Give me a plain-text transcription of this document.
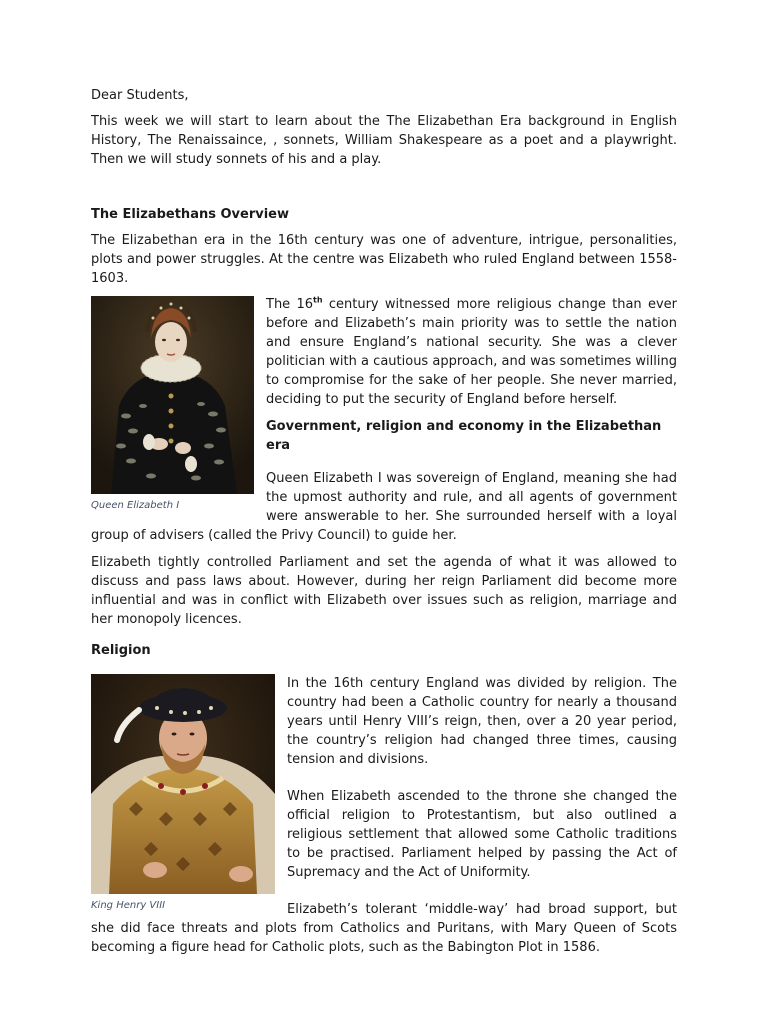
Dear Students,

This week we will start to learn about the The Elizabethan Era background in English History, The Renaissaince, , sonnets, William Shakespeare as a poet and a playwright. Then we will study sonnets of his and a play.

The Elizabethans Overview

The Elizabethan era in the 16th century was one of adventure, intrigue, personalities, plots and power struggles. At the centre was Elizabeth who ruled England between 1558-1603.

Queen Elizabeth I

The 16th century witnessed more religious change than ever before and Elizabeth’s main priority was to settle the nation and ensure England’s national security. She was a clever politician with a cautious approach, and was sometimes willing to compromise for the sake of her people. She never married, deciding to put the security of England before herself.

Government, religion and economy in the Elizabethan era

Queen Elizabeth I was sovereign of England, meaning she had the upmost authority and rule, and all agents of government were answerable to her. She surrounded herself with a loyal group of advisers (called the Privy Council) to guide her.

Elizabeth tightly controlled Parliament and set the agenda of what it was allowed to discuss and pass laws about. However, during her reign Parliament did become more influential and was in conflict with Elizabeth over issues such as religion, marriage and her monopoly licences.

Religion
King Henry VIII

In the 16th century England was divided by religion. The country had been a Catholic country for nearly a thousand years until Henry VIII’s reign, then, over a 20 year period, the country’s religion had changed three times, causing tension and divisions.

When Elizabeth ascended to the throne she changed the official religion to Protestantism, but also outlined a religious settlement that allowed some Catholic traditions to be practised. Parliament helped by passing the Act of Supremacy and the Act of Uniformity.

Elizabeth’s tolerant ‘middle-way’ had broad support, but she did face threats and plots from Catholics and Puritans, with Mary Queen of Scots becoming a figure head for Catholic plots, such as the Babington Plot in 1586.
